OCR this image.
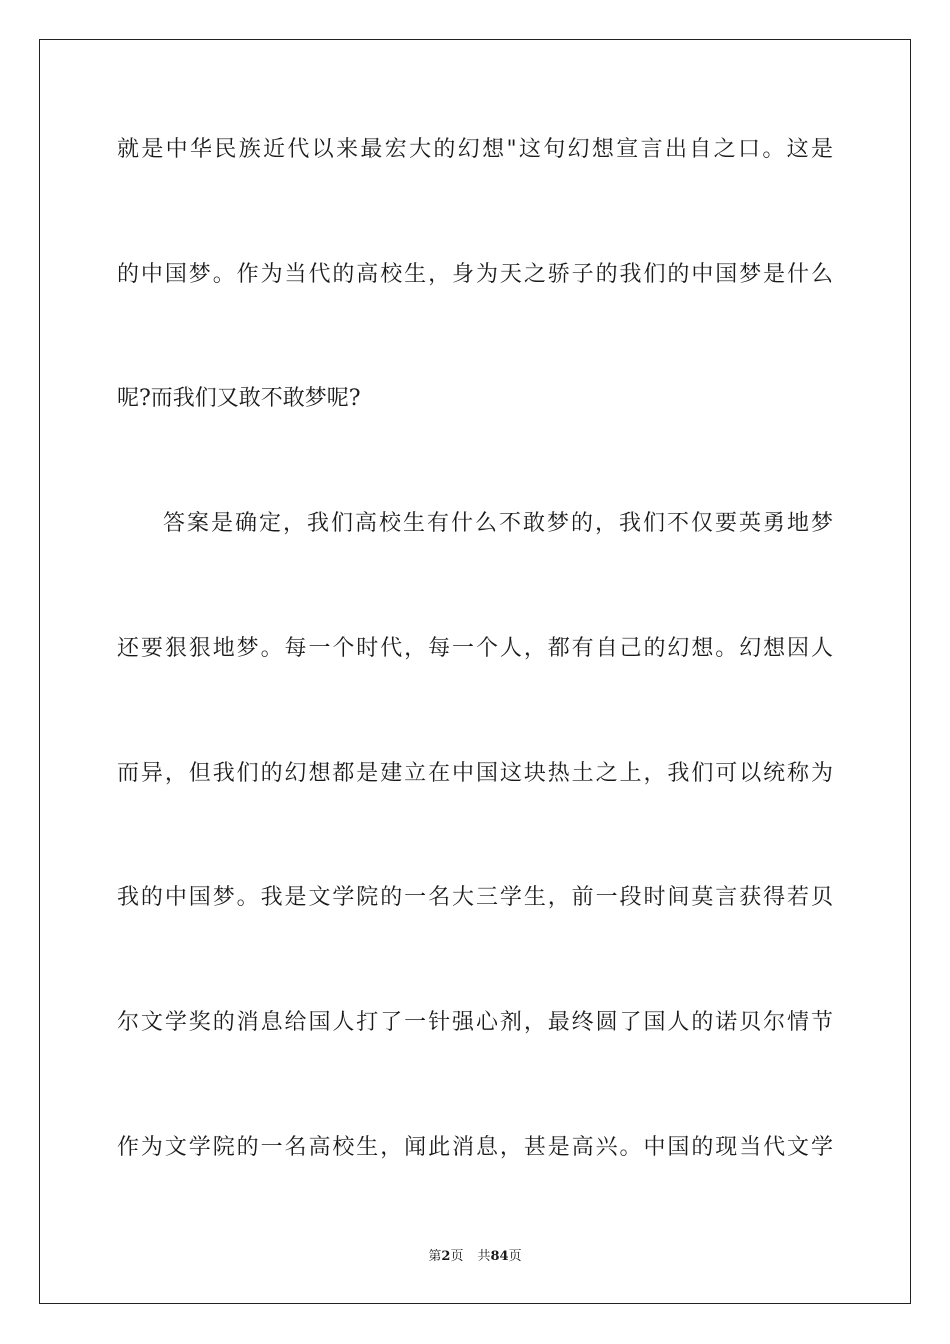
就是中华民族近代以来最宏大的幻想"这句幻想宣言出自之口。这是

的中国梦。作为当代的高校生，身为天之骄子的我们的中国梦是什么

呢?而我们又敢不敢梦呢?

答案是确定，我们高校生有什么不敢梦的，我们不仅要英勇地梦

还要狠狠地梦。每一个时代，每一个人，都有自己的幻想。幻想因人

而异，但我们的幻想都是建立在中国这块热土之上，我们可以统称为

我的中国梦。我是文学院的一名大三学生，前一段时间莫言获得若贝

尔文学奖的消息给国人打了一针强心剂，最终圆了国人的诺贝尔情节

作为文学院的一名高校生，闻此消息，甚是高兴。中国的现当代文学

第2页 共84页
